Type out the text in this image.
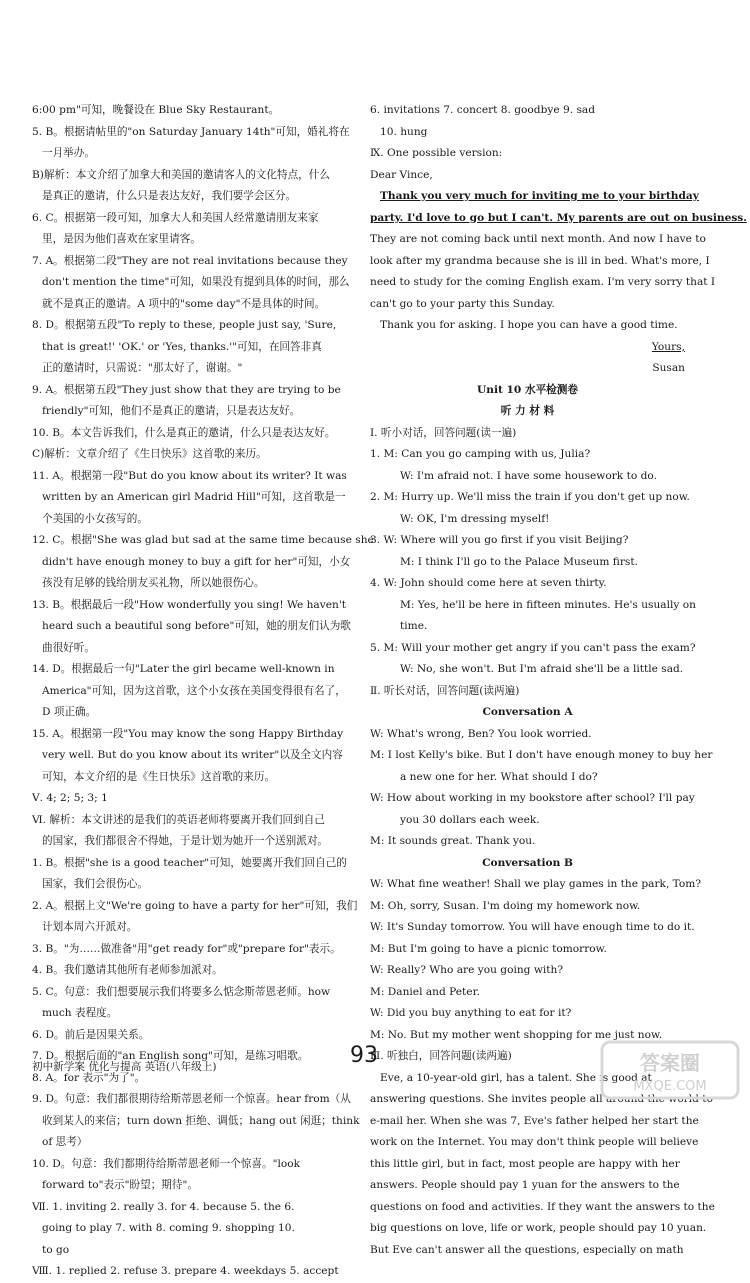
6:00 pm"可知，晚餐设在 Blue Sky Restaurant。
5. B。根据请帖里的"on Saturday January 14th"可知，婚礼将在
一月举办。
B)解析：本文介绍了加拿大和美国的邀请客人的文化特点，什么
是真正的邀请，什么只是表达友好，我们要学会区分。
6. C。根据第一段可知，加拿大人和美国人经常邀请朋友来家
里，是因为他们喜欢在家里请客。
7. A。根据第二段"They are not real invitations because they
don't mention the time"可知，如果没有提到具体的时间，那么
就不是真正的邀请。A 项中的"some day"不是具体的时间。
8. D。根据第五段"To reply to these, people just say, 'Sure,
that is great!' 'OK.' or 'Yes, thanks.'"可知，在回答非真
正的邀请时，只需说："那太好了，谢谢。"
9. A。根据第五段"They just show that they are trying to be
friendly"可知，他们不是真正的邀请，只是表达友好。
10. B。本文告诉我们，什么是真正的邀请，什么只是表达友好。
C)解析：文章介绍了《生日快乐》这首歌的来历。
11. A。根据第一段"But do you know about its writer? It was
written by an American girl Madrid Hill"可知，这首歌是一
个美国的小女孩写的。
12. C。根据"She was glad but sad at the same time because she
didn't have enough money to buy a gift for her"可知，小女
孩没有足够的钱给朋友买礼物，所以她很伤心。
13. B。根据最后一段"How wonderfully you sing! We haven't
heard such a beautiful song before"可知，她的朋友们认为歌
曲很好听。
14. D。根据最后一句"Later the girl became well-known in
America"可知，因为这首歌，这个小女孩在美国变得很有名了，
D 项正确。
15. A。根据第一段"You may know the song Happy Birthday
very well. But do you know about its writer"以及全文内容
可知，本文介绍的是《生日快乐》这首歌的来历。
Ⅴ. 4; 2; 5; 3; 1
Ⅵ. 解析：本文讲述的是我们的英语老师将要离开我们回到自己
的国家，我们都很舍不得她，于是计划为她开一个送别派对。
1. B。根据"she is a good teacher"可知，她要离开我们回自己的
国家，我们会很伤心。
2. A。根据上文"We're going to have a party for her"可知，我们
计划本周六开派对。
3. B。"为……做准备"用"get ready for"或"prepare for"表示。
4. B。我们邀请其他所有老师参加派对。
5. C。句意：我们想要展示我们将要多么惦念斯蒂恩老师。how
much 表程度。
6. D。前后是因果关系。
7. D。根据后面的"an English song"可知，是练习唱歌。
8. A。for 表示"为了"。
9. D。句意：我们都很期待给斯蒂恩老师一个惊喜。hear from（从
收到某人的来信；turn down 拒绝、调低；hang out 闲逛；think
of 思考）
10. D。句意：我们都期待给斯蒂恩老师一个惊喜。"look
forward to"表示"盼望；期待"。
Ⅶ. 1. inviting 2. really 3. for 4. because 5. the 6.
going to play 7. with 8. coming 9. shopping 10.
to go
Ⅷ. 1. replied 2. refuse 3. prepare 4. weekdays 5. accept
6. invitations 7. concert 8. goodbye 9. sad
10. hung
Ⅸ. One possible version:
Dear Vince,
Thank you very much for inviting me to your birthday
party. I'd love to go but I can't. My parents are out on business.
They are not coming back until next month. And now I have to
look after my grandma because she is ill in bed. What's more, I
need to study for the coming English exam. I'm very sorry that I
can't go to your party this Sunday.
Thank you for asking. I hope you can have a good time.
Yours,
Susan
Unit 10 水平检测卷
听 力 材 料
Ⅰ. 听小对话，回答问题(读一遍)
1. M: Can you go camping with us, Julia?
W: I'm afraid not. I have some housework to do.
2. M: Hurry up. We'll miss the train if you don't get up now.
W: OK, I'm dressing myself!
3. W: Where will you go first if you visit Beijing?
M: I think I'll go to the Palace Museum first.
4. W: John should come here at seven thirty.
M: Yes, he'll be here in fifteen minutes. He's usually on
time.
5. M: Will your mother get angry if you can't pass the exam?
W: No, she won't. But I'm afraid she'll be a little sad.
Ⅱ. 听长对话，回答问题(读两遍)
Conversation A
W: What's wrong, Ben? You look worried.
M: I lost Kelly's bike. But I don't have enough money to buy her
a new one for her. What should I do?
W: How about working in my bookstore after school? I'll pay
you 30 dollars each week.
M: It sounds great. Thank you.
Conversation B
W: What fine weather! Shall we play games in the park, Tom?
M: Oh, sorry, Susan. I'm doing my homework now.
W: It's Sunday tomorrow. You will have enough time to do it.
M: But I'm going to have a picnic tomorrow.
W: Really? Who are you going with?
M: Daniel and Peter.
W: Did you buy anything to eat for it?
M: No. But my mother went shopping for me just now.
Ⅲ. 听独白，回答问题(读两遍)
Eve, a 10-year-old girl, has a talent. She is good at
answering questions. She invites people all around the world to
e-mail her. When she was 7, Eve's father helped her start the
work on the Internet. You may don't think people will believe
this little girl, but in fact, most people are happy with her
answers. People should pay 1 yuan for the answers to the
questions on food and activities. If they want the answers to the
big questions on love, life or work, people should pay 10 yuan.
But Eve can't answer all the questions, especially on math
初中新学案 优化与提高 英语(八年级上)	93	答案圈
MXQE.COM
